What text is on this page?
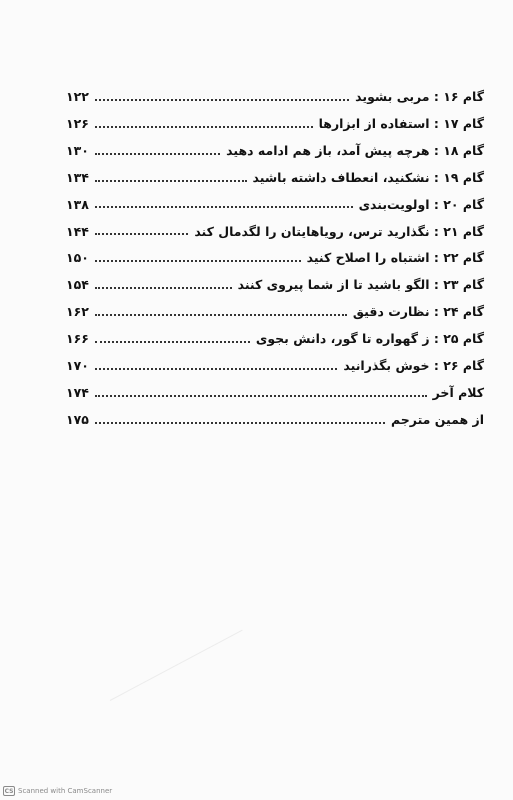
گام ۱۶ : مربی بشوید
۱۲۲
گام ۱۷ : استفاده از ابزارها
۱۲۶
گام ۱۸ : هرچه پیش آمد، باز هم ادامه دهید
۱۳۰
گام ۱۹ : نشکنید، انعطاف داشته باشید
۱۳۴
گام ۲۰ : اولویت‌بندی
۱۳۸
گام ۲۱ : نگذارید ترس، رویاهایتان را لگدمال کند
۱۴۴
گام ۲۲ : اشتباه را اصلاح کنید
۱۵۰
گام ۲۳ : الگو باشید تا از شما پیروی کنند
۱۵۴
گام ۲۴ : نظارت دقیق
۱۶۲
گام ۲۵ : ز گهواره تا گور، دانش بجوی
۱۶۶
گام ۲۶ : خوش بگذرانید
۱۷۰
کلام آخر
۱۷۴
از همین مترجم
۱۷۵
CS Scanned with CamScanner
